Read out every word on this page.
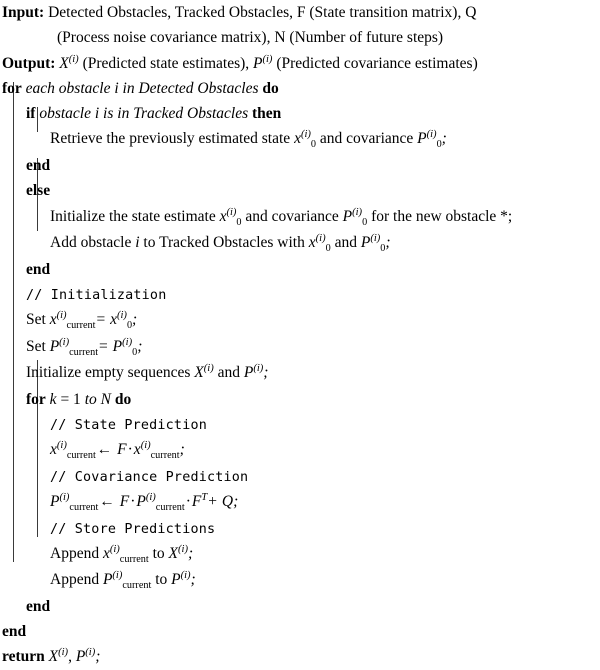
Input: Detected Obstacles, Tracked Obstacles, F (State transition matrix), Q
(Process noise covariance matrix), N (Number of future steps)
Output: $X^{(i)}$ (Predicted state estimates), $P^{(i)}$ (Predicted covariance estimates)
for each obstacle i in Detected Obstacles do
if obstacle i is in Tracked Obstacles then
Retrieve the previously estimated state $x^{(i)}_0$ and covariance $P^{(i)}_0$;
end
else
Initialize the state estimate $x^{(i)}_0$ and covariance $P^{(i)}_0$ for the new obstacle *;
Add obstacle i to Tracked Obstacles with $x^{(i)}_0$ and $P^{(i)}_0$;
end
// Initialization
Set $x^{(i)}_{current}= x^{(i)}_0$;
Set $P^{(i)}_{current}= P^{(i)}_0$;
Initialize empty sequences $X^{(i)}$ and $P^{(i)}$;
for k = 1 to N do
// State Prediction
$x^{(i)}_{current}\leftarrow$ $F\cdot x^{(i)}_{current}$;
// Covariance Prediction
$P^{(i)}_{current}\leftarrow$ $F\cdot P^{(i)}_{current}\cdot F^T+ Q$;
// Store Predictions
Append $x^{(i)}_{current}$ to $X^{(i)}$;
Append $P^{(i)}_{current}$ to $P^{(i)}$;
end
end
return $X^{(i)}$, $P^{(i)}$;
